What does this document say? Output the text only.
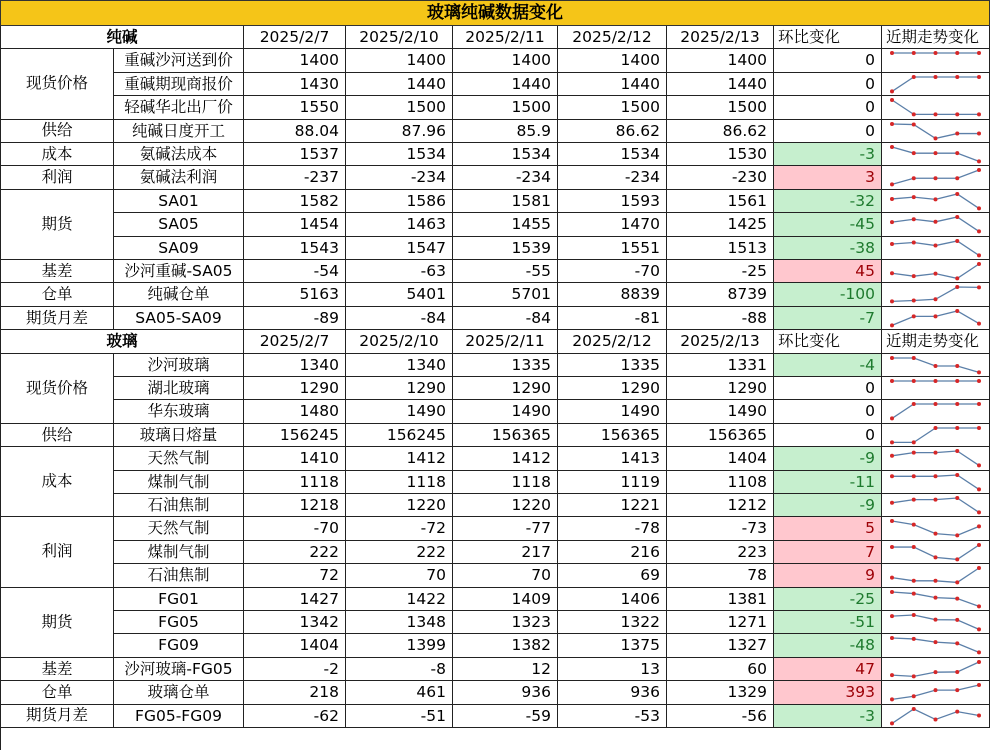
玻璃纯碱数据变化
纯碱	2025/2/7	2025/2/10	2025/2/11	2025/2/12	2025/2/13	环比变化	近期走势变化
现货价格
重碱沙河送到价	1400	1400	1400	1400	1400	0
重碱期现商报价	1430	1440	1440	1440	1440	0
轻碱华北出厂价	1550	1500	1500	1500	1500	0
供给	纯碱日度开工	88.04	87.96	85.9	86.62	86.62	0
成本	氨碱法成本	1537	1534	1534	1534	1530	-3
利润	氨碱法利润	-237	-234	-234	-234	-230	3
期货
SA01	1582	1586	1581	1593	1561	-32
SA05	1454	1463	1455	1470	1425	-45
SA09	1543	1547	1539	1551	1513	-38
基差	沙河重碱-SA05	-54	-63	-55	-70	-25	45
仓单	纯碱仓单	5163	5401	5701	8839	8739	-100
期货月差	SA05-SA09	-89	-84	-84	-81	-88	-7
玻璃	2025/2/7	2025/2/10	2025/2/11	2025/2/12	2025/2/13	环比变化	近期走势变化
现货价格
沙河玻璃	1340	1340	1335	1335	1331	-4
湖北玻璃	1290	1290	1290	1290	1290	0
华东玻璃	1480	1490	1490	1490	1490	0
供给	玻璃日熔量	156245	156245	156365	156365	156365	0
成本
天然气制	1410	1412	1412	1413	1404	-9
煤制气制	1118	1118	1118	1119	1108	-11
石油焦制	1218	1220	1220	1221	1212	-9
利润
天然气制	-70	-72	-77	-78	-73	5
煤制气制	222	222	217	216	223	7
石油焦制	72	70	70	69	78	9
期货
FG01	1427	1422	1409	1406	1381	-25
FG05	1342	1348	1323	1322	1271	-51
FG09	1404	1399	1382	1375	1327	-48
基差	沙河玻璃-FG05	-2	-8	12	13	60	47
仓单	玻璃仓单	218	461	936	936	1329	393
期货月差	FG05-FG09	-62	-51	-59	-53	-56	-3
